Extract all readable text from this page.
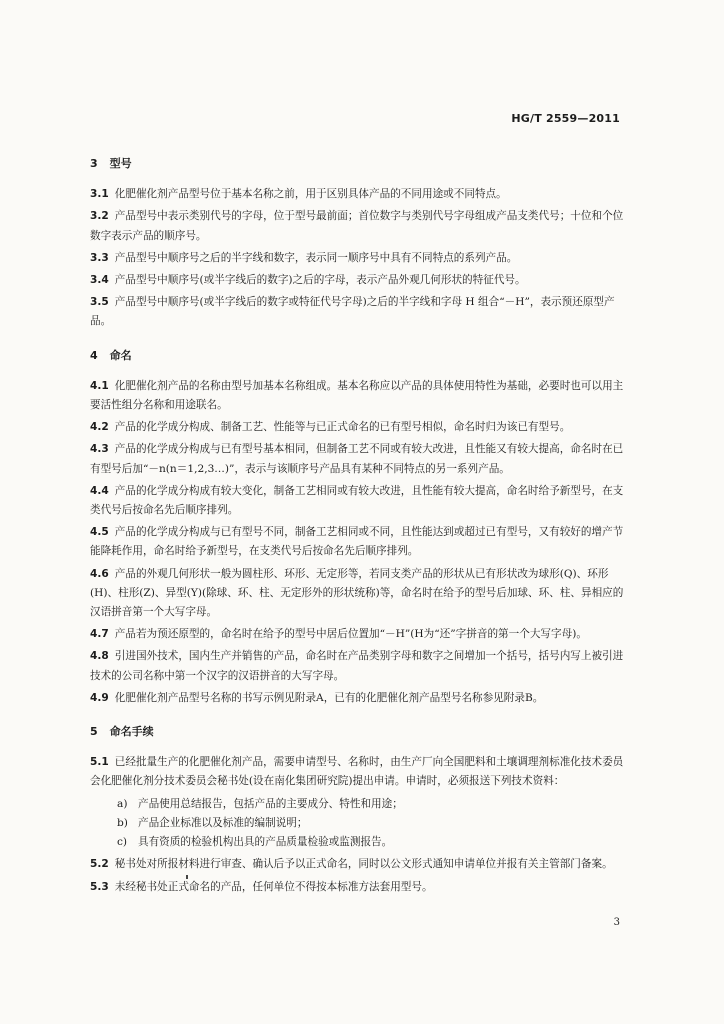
HG/T 2559—2011
3 型号
3.1 化肥催化剂产品型号位于基本名称之前，用于区别具体产品的不同用途或不同特点。
3.2 产品型号中表示类别代号的字母，位于型号最前面；首位数字与类别代号字母组成产品支类代号；十位和个位数字表示产品的顺序号。
3.3 产品型号中顺序号之后的半字线和数字，表示同一顺序号中具有不同特点的系列产品。
3.4 产品型号中顺序号(或半字线后的数字)之后的字母，表示产品外观几何形状的特征代号。
3.5 产品型号中顺序号(或半字线后的数字或特征代号字母)之后的半字线和字母 H 组合“－H”，表示预还原型产品。
4 命名
4.1 化肥催化剂产品的名称由型号加基本名称组成。基本名称应以产品的具体使用特性为基础，必要时也可以用主要活性组分名称和用途联名。
4.2 产品的化学成分构成、制备工艺、性能等与已正式命名的已有型号相似，命名时归为该已有型号。
4.3 产品的化学成分构成与已有型号基本相同，但制备工艺不同或有较大改进，且性能又有较大提高，命名时在已有型号后加“－n(n＝1,2,3…)”，表示与该顺序号产品具有某种不同特点的另一系列产品。
4.4 产品的化学成分构成有较大变化，制备工艺相同或有较大改进，且性能有较大提高，命名时给予新型号，在支类代号后按命名先后顺序排列。
4.5 产品的化学成分构成与已有型号不同，制备工艺相同或不同，且性能达到或超过已有型号，又有较好的增产节能降耗作用，命名时给予新型号，在支类代号后按命名先后顺序排列。
4.6 产品的外观几何形状一般为圆柱形、环形、无定形等，若同支类产品的形状从已有形状改为球形(Q)、环形(H)、柱形(Z)、异型(Y)(除球、环、柱、无定形外的形状统称)等，命名时在给予的型号后加球、环、柱、异相应的汉语拼音第一个大写字母。
4.7 产品若为预还原型的，命名时在给予的型号中居后位置加“－H”(H为“还”字拼音的第一个大写字母)。
4.8 引进国外技术，国内生产并销售的产品，命名时在产品类别字母和数字之间增加一个括号，括号内写上被引进技术的公司名称中第一个汉字的汉语拼音的大写字母。
4.9 化肥催化剂产品型号名称的书写示例见附录A，已有的化肥催化剂产品型号名称参见附录B。
5 命名手续
5.1 已经批量生产的化肥催化剂产品，需要申请型号、名称时，由生产厂向全国肥料和土壤调理剂标准化技术委员会化肥催化剂分技术委员会秘书处(设在南化集团研究院)提出申请。申请时，必须报送下列技术资料：
a) 产品使用总结报告，包括产品的主要成分、特性和用途；
b) 产品企业标准以及标准的编制说明；
c) 具有资质的检验机构出具的产品质量检验或监测报告。
5.2 秘书处对所报材料进行审查、确认后予以正式命名，同时以公文形式通知申请单位并报有关主管部门备案。
5.3 未经秘书处正式命名的产品，任何单位不得按本标准方法套用型号。
3
